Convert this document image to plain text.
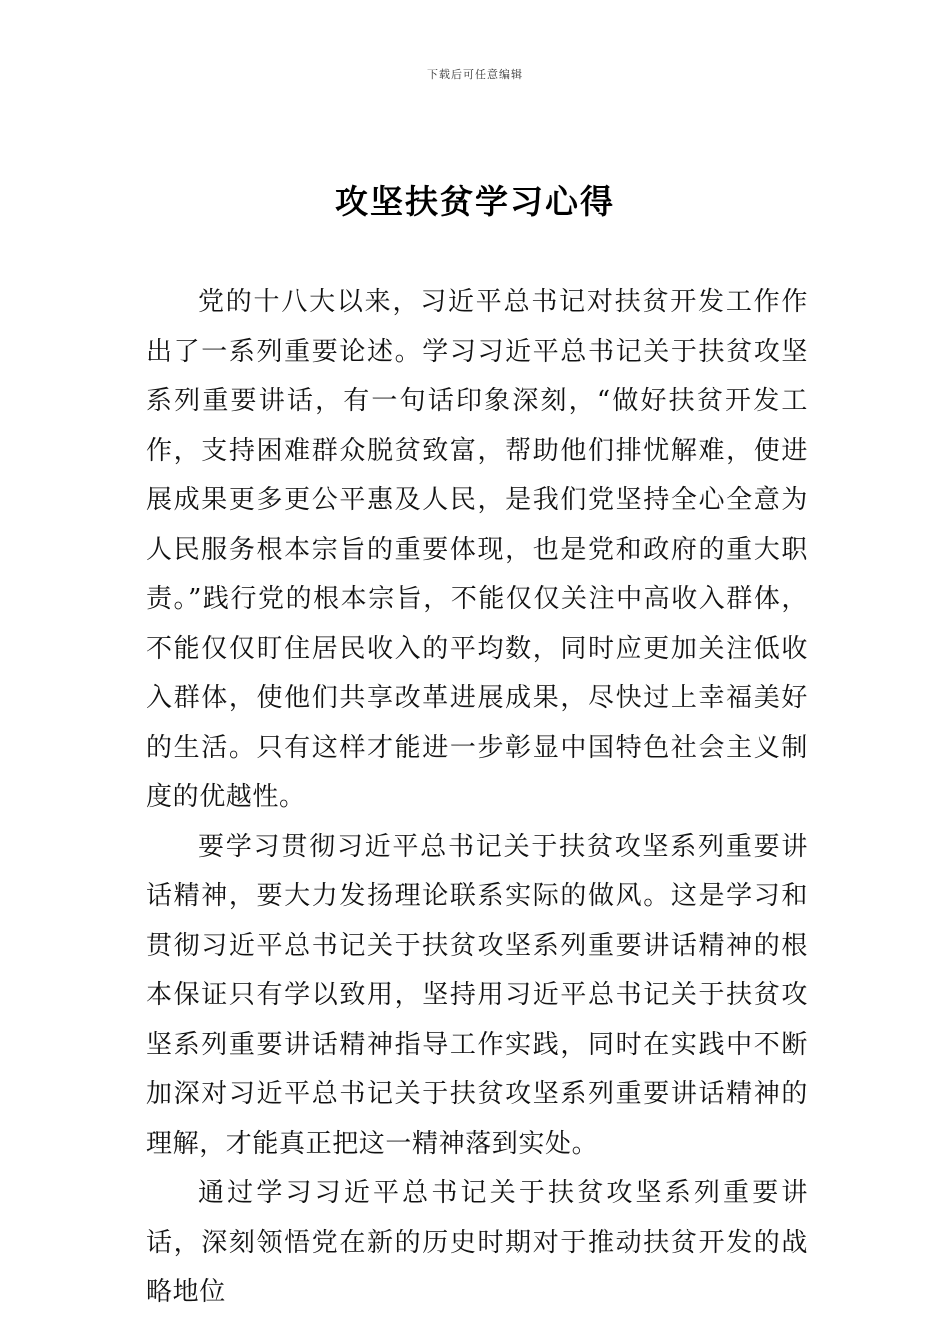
下载后可任意编辑
攻坚扶贫学习心得

党的十八大以来，习近平总书记对扶贫开发工作作出了一系列重要论述。学习习近平总书记关于扶贫攻坚系列重要讲话，有一句话印象深刻，“做好扶贫开发工作，支持困难群众脱贫致富，帮助他们排忧解难，使进展成果更多更公平惠及人民，是我们党坚持全心全意为人民服务根本宗旨的重要体现，也是党和政府的重大职责。”践行党的根本宗旨，不能仅仅关注中高收入群体，不能仅仅盯住居民收入的平均数，同时应更加关注低收入群体，使他们共享改革进展成果，尽快过上幸福美好的生活。只有这样才能进一步彰显中国特色社会主义制度的优越性。

要学习贯彻习近平总书记关于扶贫攻坚系列重要讲话精神，要大力发扬理论联系实际的做风。这是学习和贯彻习近平总书记关于扶贫攻坚系列重要讲话精神的根本保证只有学以致用，坚持用习近平总书记关于扶贫攻坚系列重要讲话精神指导工作实践，同时在实践中不断加深对习近平总书记关于扶贫攻坚系列重要讲话精神的理解，才能真正把这一精神落到实处。

通过学习习近平总书记关于扶贫攻坚系列重要讲话，深刻领悟党在新的历史时期对于推动扶贫开发的战略地位
